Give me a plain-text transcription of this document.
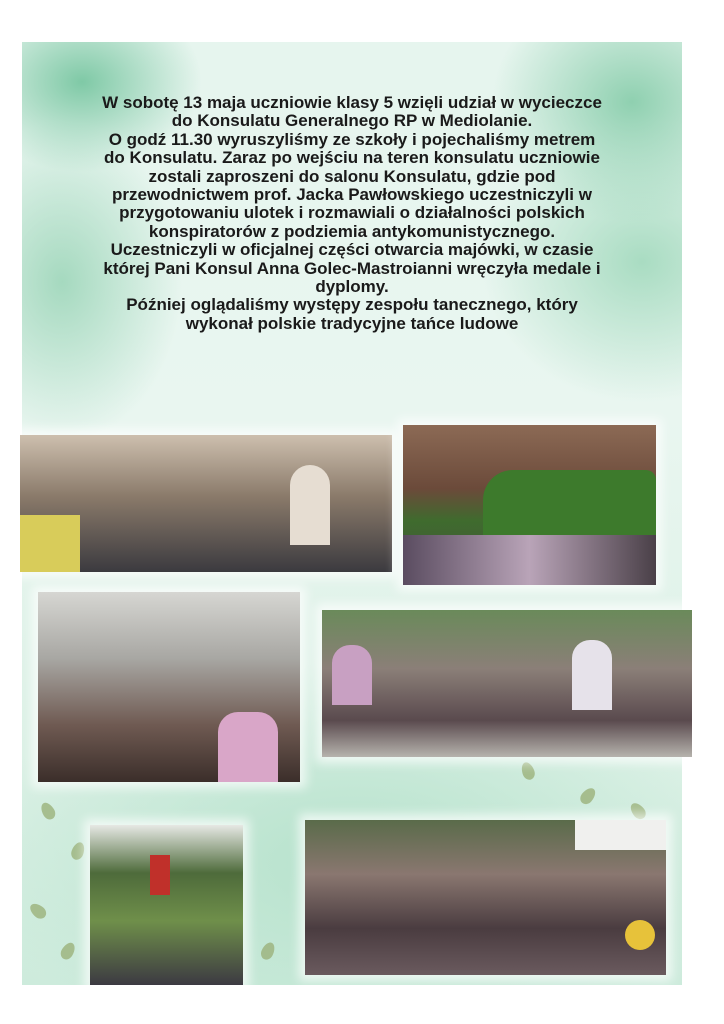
W sobotę 13 maja uczniowie klasy 5 wzięli udział w wycieczce
do Konsulatu Generalnego RP w Mediolanie.
O godź 11.30 wyruszyliśmy ze szkoły i pojechaliśmy metrem
do Konsulatu. Zaraz po wejściu na teren konsulatu uczniowie
zostali zaproszeni do salonu Konsulatu, gdzie pod
przewodnictwem prof. Jacka Pawłowskiego uczestniczyli w
przygotowaniu ulotek i rozmawiali o działalności polskich
konspiratorów z podziemia antykomunistycznego.
Uczestniczyli w oficjalnej części otwarcia majówki, w czasie
której Pani Konsul Anna Golec-Mastroianni wręczyła medale i
dyplomy.
Później oglądaliśmy występy zespołu tanecznego, który
wykonał polskie tradycyjne tańce ludowe
